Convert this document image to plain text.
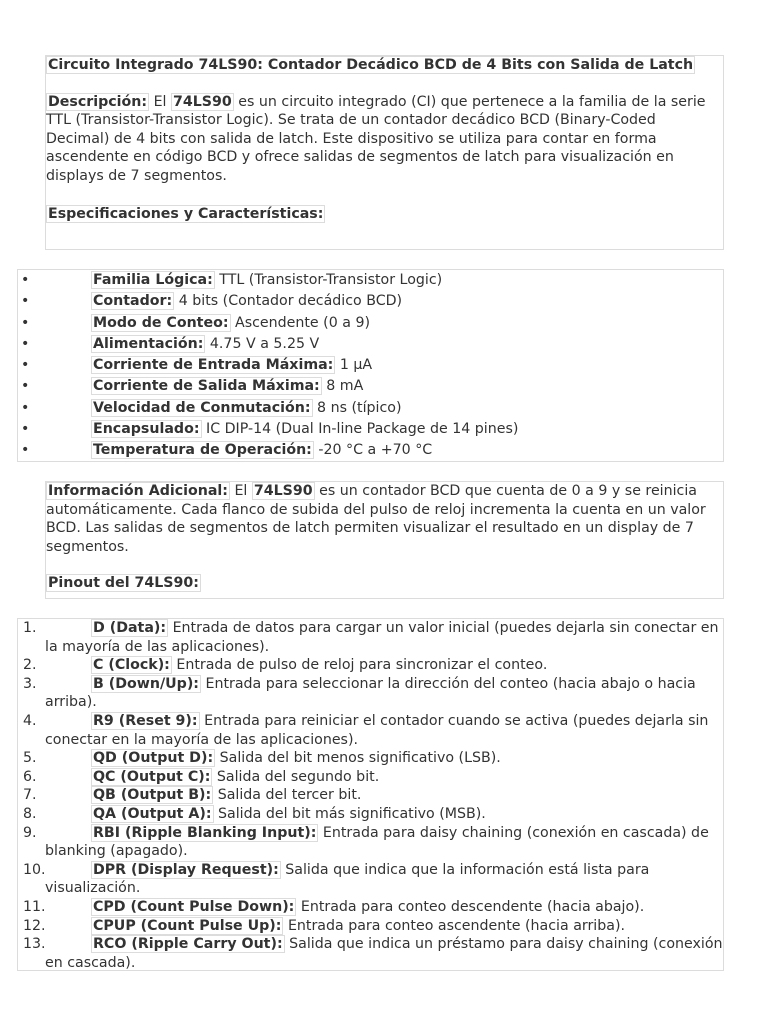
Circuito Integrado 74LS90: Contador Decádico BCD de 4 Bits con Salida de Latch

Descripción: El 74LS90 es un circuito integrado (CI) que pertenece a la familia de la serie TTL (Transistor-Transistor Logic). Se trata de un contador decádico BCD (Binary-Coded Decimal) de 4 bits con salida de latch. Este dispositivo se utiliza para contar en forma ascendente en código BCD y ofrece salidas de segmentos de latch para visualización en displays de 7 segmentos.

Especificaciones y Características:

•	Familia Lógica: TTL (Transistor-Transistor Logic)
•	Contador: 4 bits (Contador decádico BCD)
•	Modo de Conteo: Ascendente (0 a 9)
•	Alimentación: 4.75 V a 5.25 V
•	Corriente de Entrada Máxima: 1 µA
•	Corriente de Salida Máxima: 8 mA
•	Velocidad de Conmutación: 8 ns (típico)
•	Encapsulado: IC DIP-14 (Dual In-line Package de 14 pines)
•	Temperatura de Operación: -20 °C a +70 °C

Información Adicional: El 74LS90 es un contador BCD que cuenta de 0 a 9 y se reinicia automáticamente. Cada flanco de subida del pulso de reloj incrementa la cuenta en un valor BCD. Las salidas de segmentos de latch permiten visualizar el resultado en un display de 7 segmentos.

Pinout del 74LS90:

1.	D (Data): Entrada de datos para cargar un valor inicial (puedes dejarla sin conectar en la mayoría de las aplicaciones).
2.	C (Clock): Entrada de pulso de reloj para sincronizar el conteo.
3.	B (Down/Up): Entrada para seleccionar la dirección del conteo (hacia abajo o hacia arriba).
4.	R9 (Reset 9): Entrada para reiniciar el contador cuando se activa (puedes dejarla sin conectar en la mayoría de las aplicaciones).
5.	QD (Output D): Salida del bit menos significativo (LSB).
6.	QC (Output C): Salida del segundo bit.
7.	QB (Output B): Salida del tercer bit.
8.	QA (Output A): Salida del bit más significativo (MSB).
9.	RBI (Ripple Blanking Input): Entrada para daisy chaining (conexión en cascada) de blanking (apagado).
10.	DPR (Display Request): Salida que indica que la información está lista para visualización.
11.	CPD (Count Pulse Down): Entrada para conteo descendente (hacia abajo).
12.	CPUP (Count Pulse Up): Entrada para conteo ascendente (hacia arriba).
13.	RCO (Ripple Carry Out): Salida que indica un préstamo para daisy chaining (conexión en cascada).
